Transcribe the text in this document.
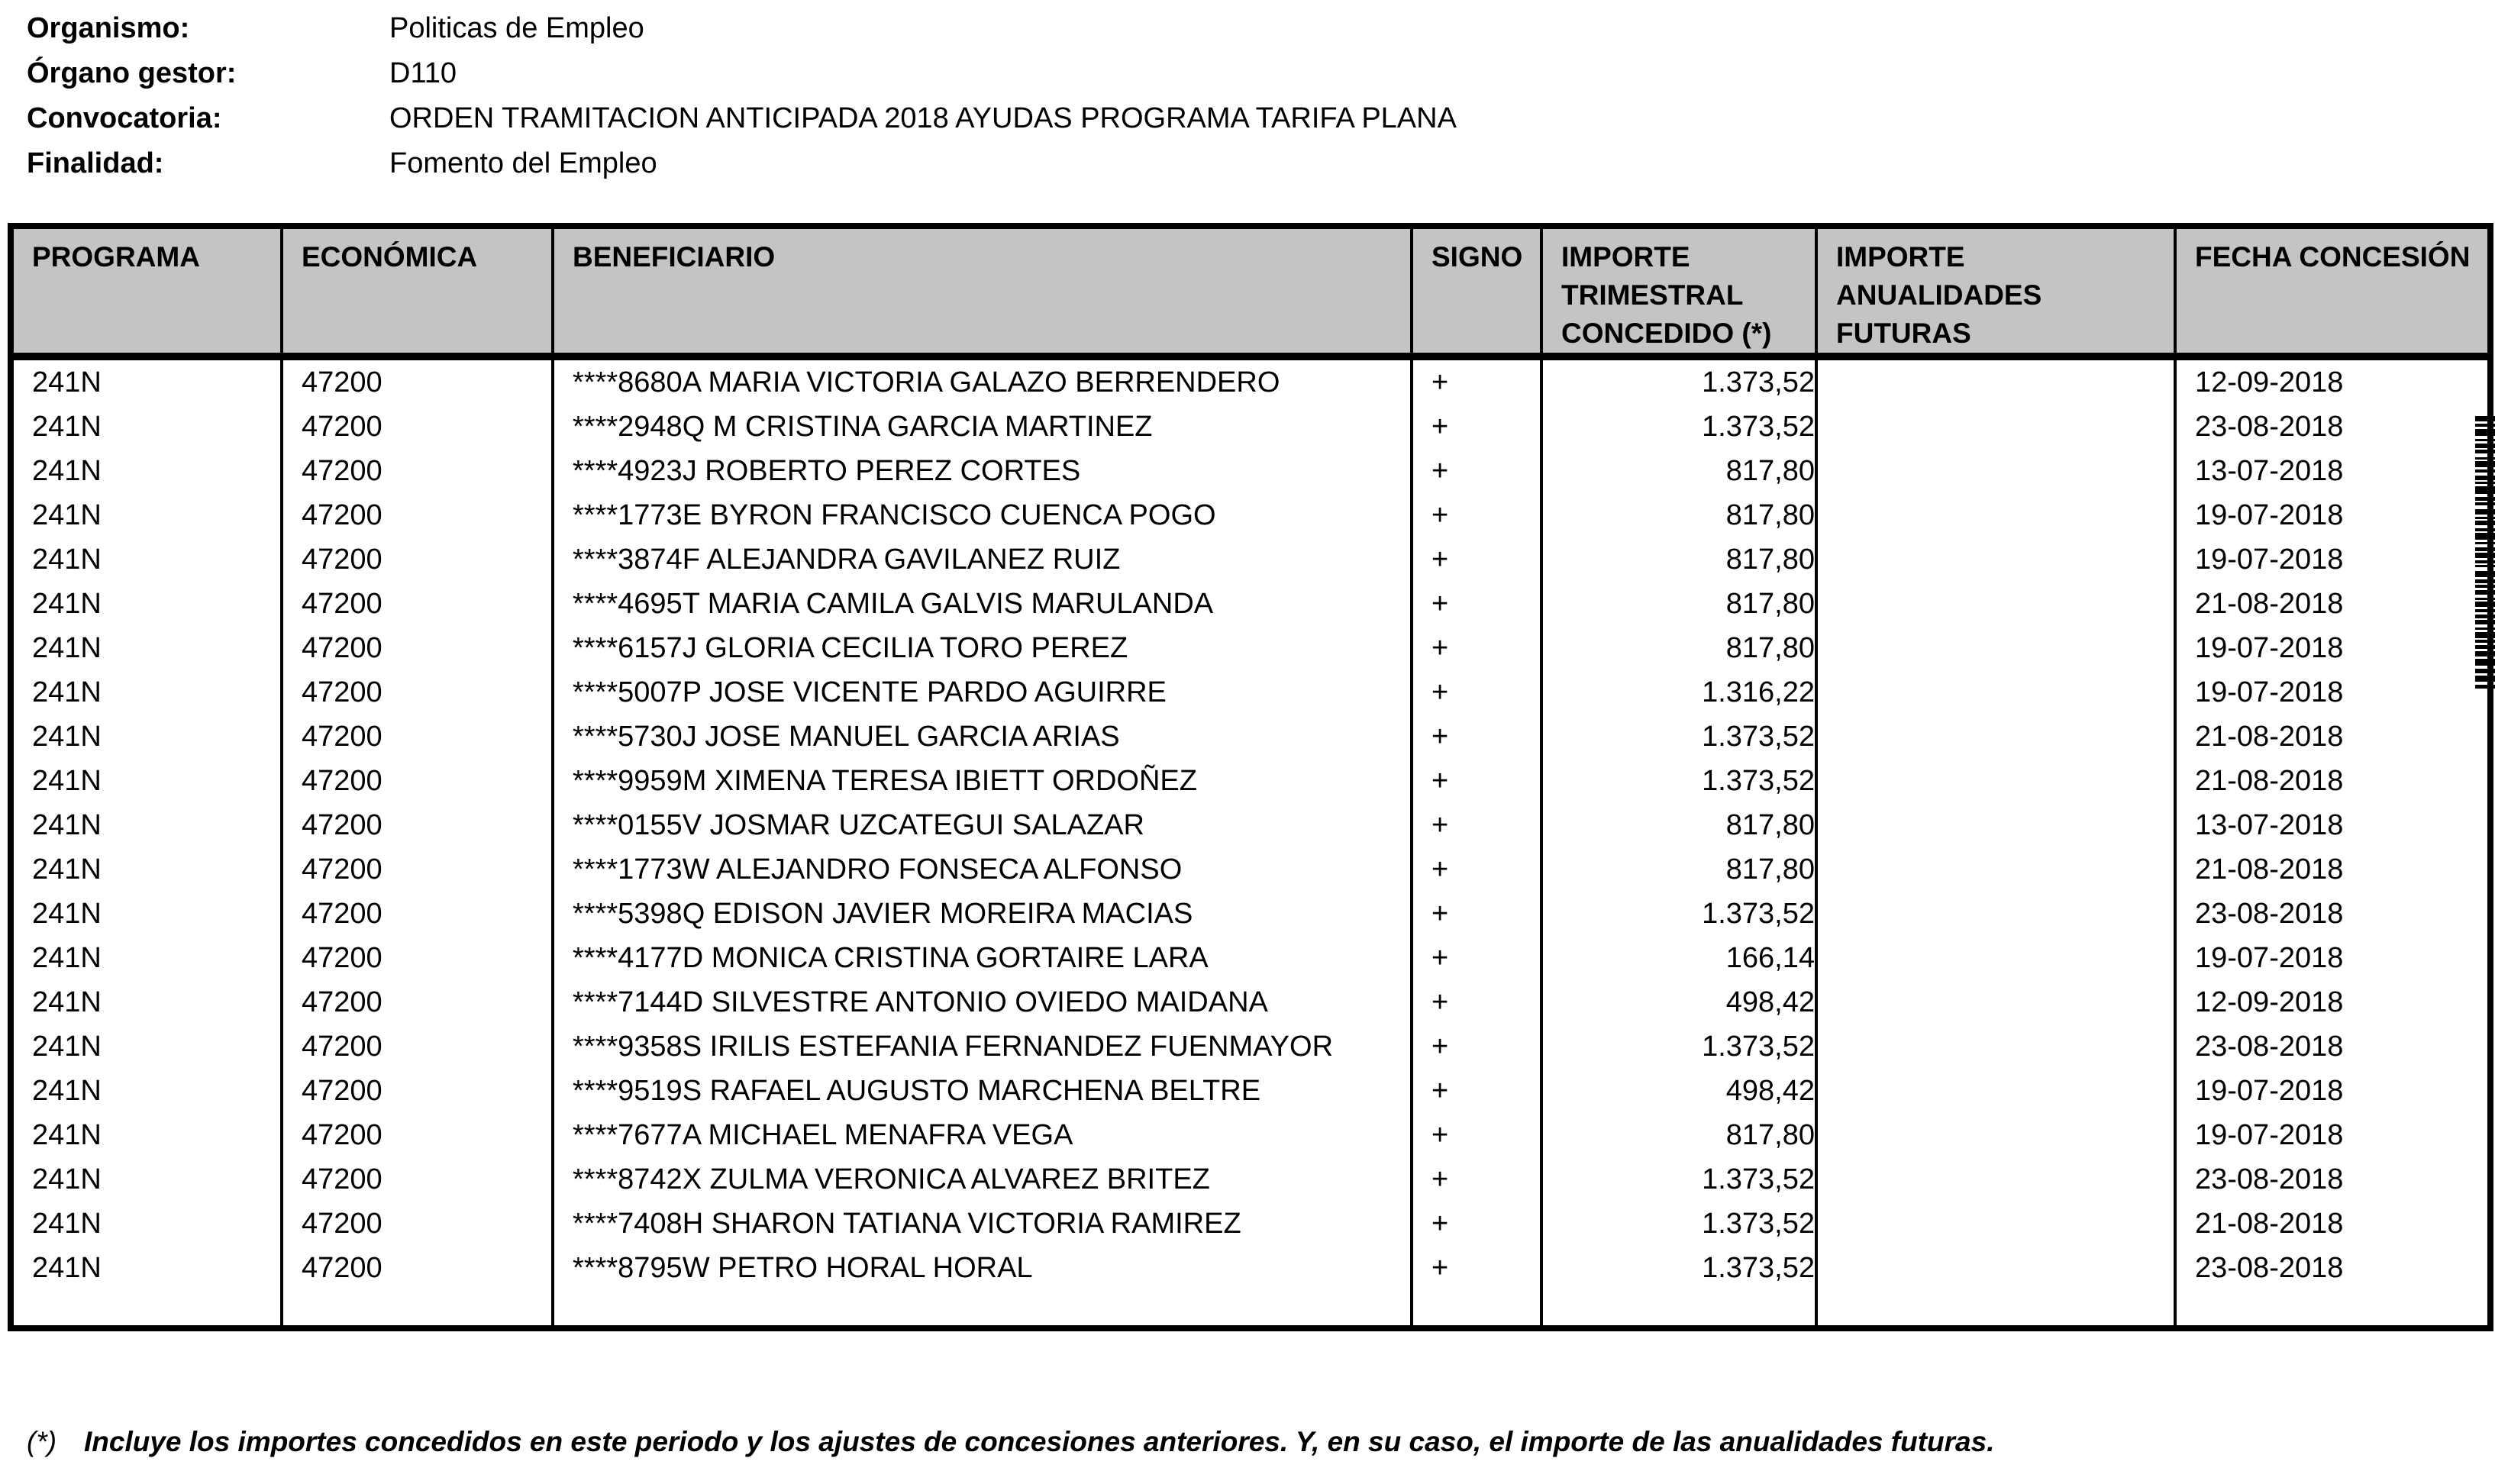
Organismo:	Politicas de Empleo
Órgano gestor:	D110
Convocatoria:	ORDEN TRAMITACION ANTICIPADA 2018 AYUDAS PROGRAMA TARIFA PLANA
Finalidad:	Fomento del Empleo
PROGRAMA	ECONÓMICA	BENEFICIARIO	SIGNO	IMPORTE TRIMESTRAL CONCEDIDO (*)	IMPORTE ANUALIDADES FUTURAS	FECHA CONCESIÓN
241N	47200	****8680A MARIA VICTORIA GALAZO BERRENDERO	+	1.373,52		12-09-2018
241N	47200	****2948Q M CRISTINA GARCIA MARTINEZ	+	1.373,52		23-08-2018
241N	47200	****4923J ROBERTO PEREZ CORTES	+	817,80		13-07-2018
241N	47200	****1773E BYRON FRANCISCO CUENCA POGO	+	817,80		19-07-2018
241N	47200	****3874F ALEJANDRA GAVILANEZ RUIZ	+	817,80		19-07-2018
241N	47200	****4695T MARIA CAMILA GALVIS MARULANDA	+	817,80		21-08-2018
241N	47200	****6157J GLORIA CECILIA TORO PEREZ	+	817,80		19-07-2018
241N	47200	****5007P JOSE VICENTE PARDO AGUIRRE	+	1.316,22		19-07-2018
241N	47200	****5730J JOSE MANUEL GARCIA ARIAS	+	1.373,52		21-08-2018
241N	47200	****9959M XIMENA TERESA IBIETT ORDOÑEZ	+	1.373,52		21-08-2018
241N	47200	****0155V JOSMAR UZCATEGUI SALAZAR	+	817,80		13-07-2018
241N	47200	****1773W ALEJANDRO FONSECA ALFONSO	+	817,80		21-08-2018
241N	47200	****5398Q EDISON JAVIER MOREIRA MACIAS	+	1.373,52		23-08-2018
241N	47200	****4177D MONICA CRISTINA GORTAIRE LARA	+	166,14		19-07-2018
241N	47200	****7144D SILVESTRE ANTONIO OVIEDO MAIDANA	+	498,42		12-09-2018
241N	47200	****9358S IRILIS ESTEFANIA FERNANDEZ FUENMAYOR	+	1.373,52		23-08-2018
241N	47200	****9519S RAFAEL AUGUSTO MARCHENA BELTRE	+	498,42		19-07-2018
241N	47200	****7677A MICHAEL MENAFRA VEGA	+	817,80		19-07-2018
241N	47200	****8742X ZULMA VERONICA ALVAREZ BRITEZ	+	1.373,52		23-08-2018
241N	47200	****7408H SHARON TATIANA VICTORIA RAMIREZ	+	1.373,52		21-08-2018
241N	47200	****8795W PETRO HORAL HORAL	+	1.373,52		23-08-2018

(*) Incluye los importes concedidos en este periodo y los ajustes de concesiones anteriores. Y, en su caso, el importe de las anualidades futuras.
